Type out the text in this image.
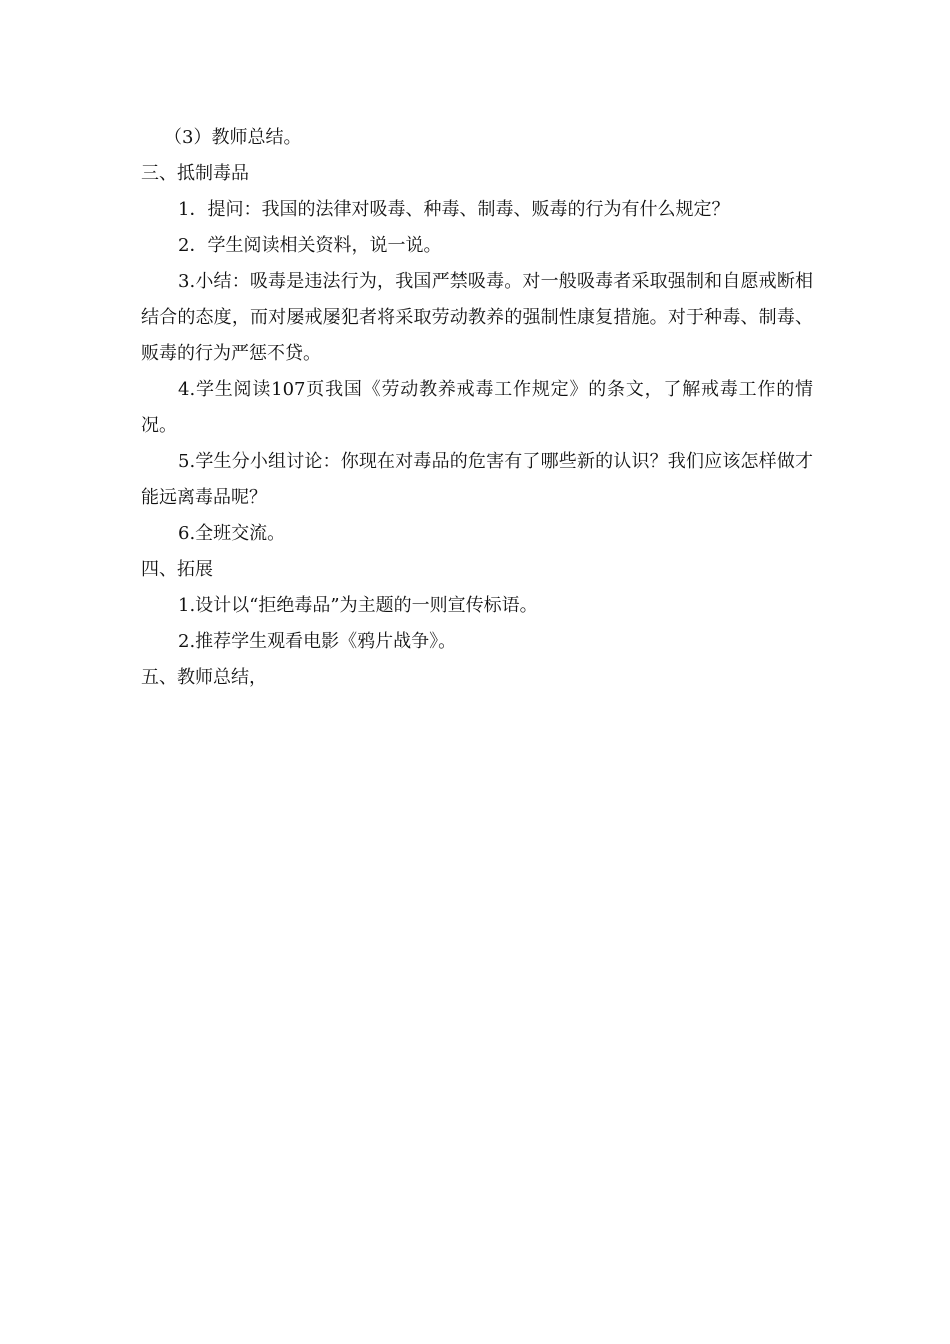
（3）教师总结。

三、抵制毒品

1．提问：我国的法律对吸毒、种毒、制毒、贩毒的行为有什么规定？

2．学生阅读相关资料，说一说。

3.小结：吸毒是违法行为，我国严禁吸毒。对一般吸毒者采取强制和自愿戒断相结合的态度，而对屡戒屡犯者将采取劳动教养的强制性康复措施。对于种毒、制毒、贩毒的行为严惩不贷。

4.学生阅读107页我国《劳动教养戒毒工作规定》的条文，了解戒毒工作的情况。

5.学生分小组讨论：你现在对毒品的危害有了哪些新的认识？我们应该怎样做才能远离毒品呢？

6.全班交流。

四、拓展

1.设计以“拒绝毒品”为主题的一则宣传标语。

2.推荐学生观看电影《鸦片战争》。

五、教师总结，
